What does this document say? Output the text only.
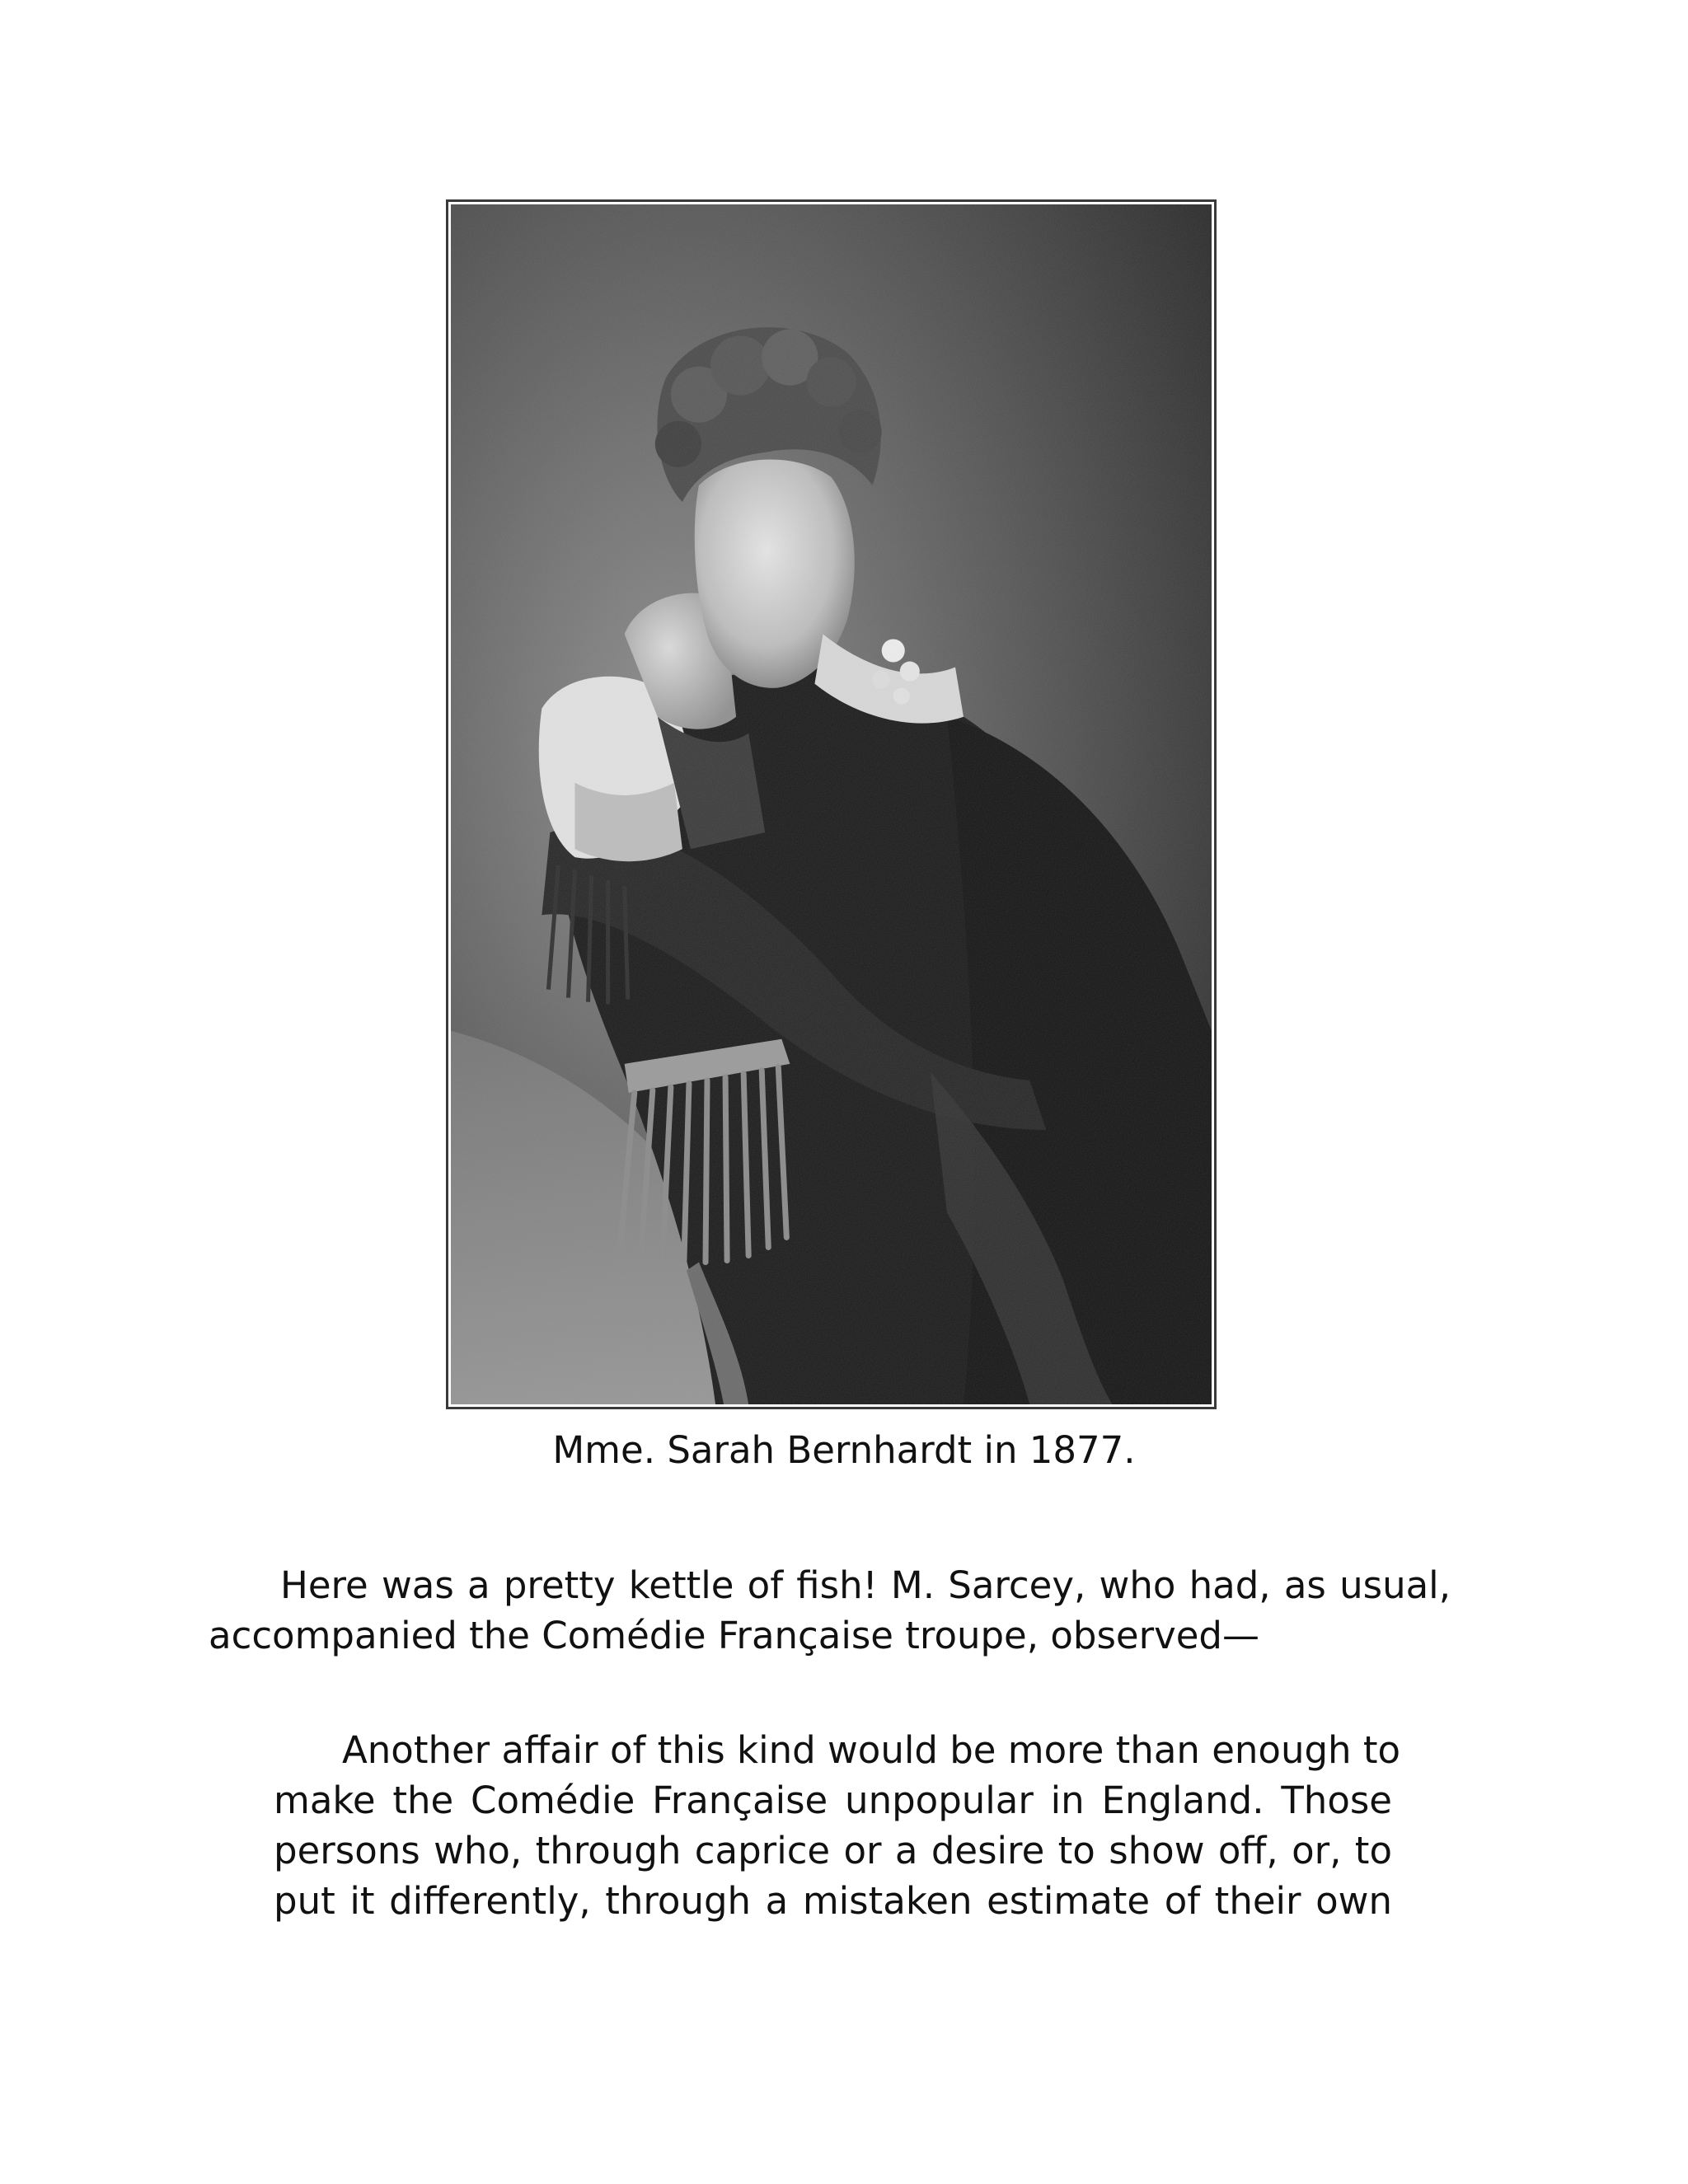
Mme. Sarah Bernhardt in 1877.

Here was a pretty kettle of fish! M. Sarcey, who had, as usual, accompanied the Comédie Française troupe, observed—

Another affair of this kind would be more than enough to
make the Comédie Française unpopular in England. Those
persons who, through caprice or a desire to show off, or, to
put it differently, through a mistaken estimate of their own
